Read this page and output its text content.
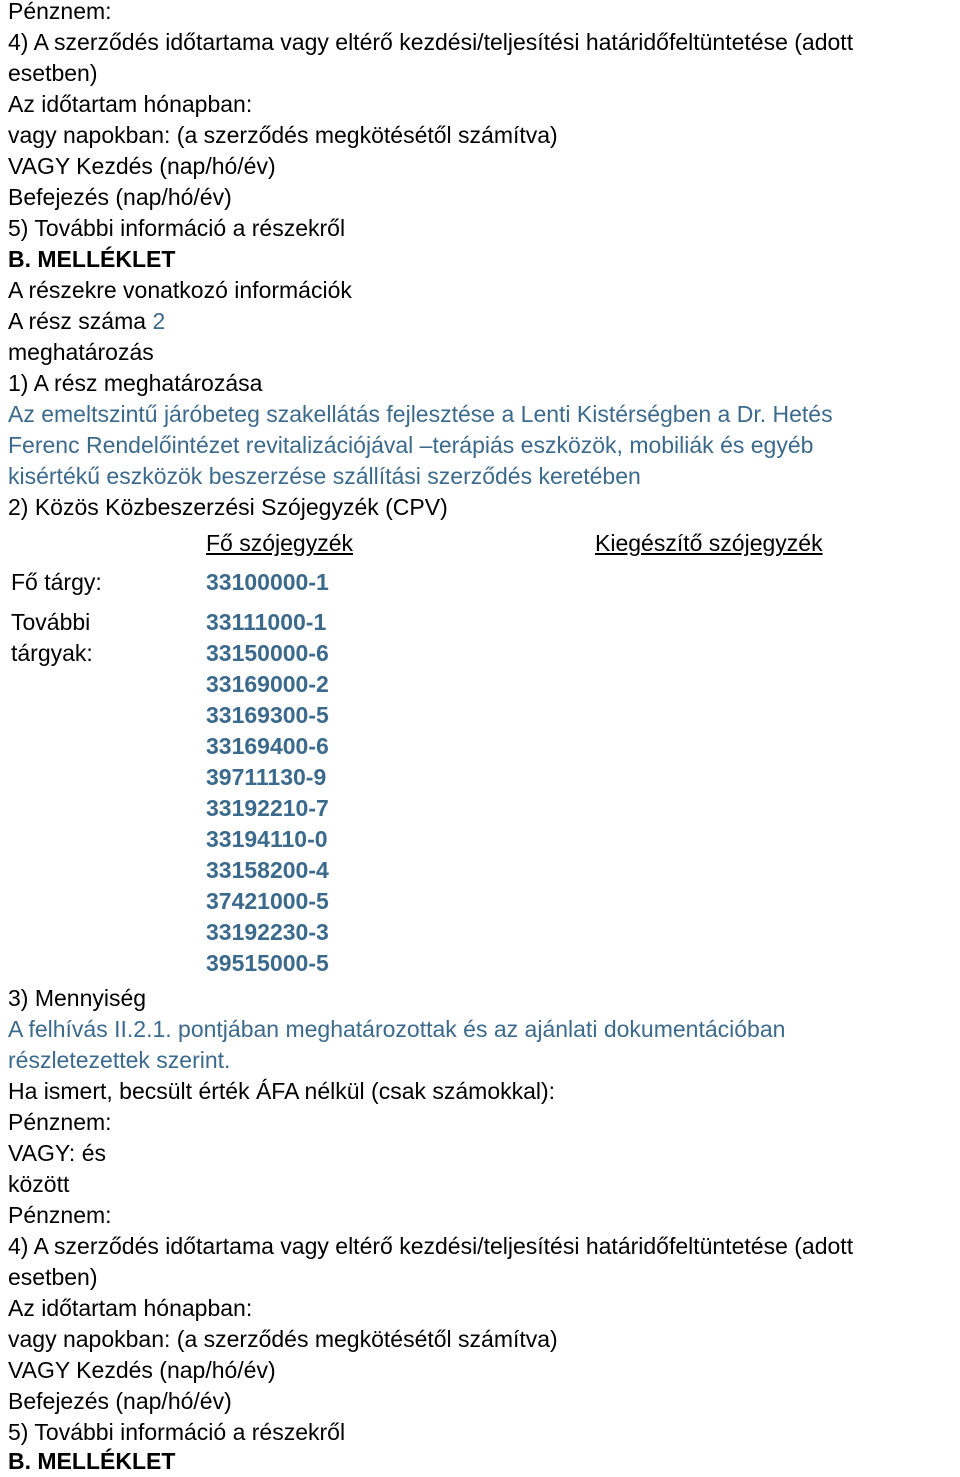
Pénznem:
4) A szerződés időtartama vagy eltérő kezdési/teljesítési határidőfeltüntetése (adott
esetben)
Az időtartam hónapban:
vagy napokban: (a szerződés megkötésétől számítva)
VAGY Kezdés (nap/hó/év)
Befejezés (nap/hó/év)
5) További információ a részekről
B. MELLÉKLET
A részekre vonatkozó információk
A rész száma 2
meghatározás
1) A rész meghatározása
Az emeltszintű járóbeteg szakellátás fejlesztése a Lenti Kistérségben a Dr. Hetés
Ferenc Rendelőintézet revitalizációjával –terápiás eszközök, mobiliák és egyéb
kisértékű eszközök beszerzése szállítási szerződés keretében
2) Közös Közbeszerzési Szójegyzék (CPV)
Fő szójegyzék	Kiegészítő szójegyzék
Fő tárgy:	33100000-1
További
tárgyak:
33111000-1
33150000-6
33169000-2
33169300-5
33169400-6
39711130-9
33192210-7
33194110-0
33158200-4
37421000-5
33192230-3
39515000-5
3) Mennyiség
A felhívás II.2.1. pontjában meghatározottak és az ajánlati dokumentációban
részletezettek szerint.
Ha ismert, becsült érték ÁFA nélkül (csak számokkal):
Pénznem:
VAGY: és
között
Pénznem:
4) A szerződés időtartama vagy eltérő kezdési/teljesítési határidőfeltüntetése (adott
esetben)
Az időtartam hónapban:
vagy napokban: (a szerződés megkötésétől számítva)
VAGY Kezdés (nap/hó/év)
Befejezés (nap/hó/év)
5) További információ a részekről
B. MELLÉKLET
